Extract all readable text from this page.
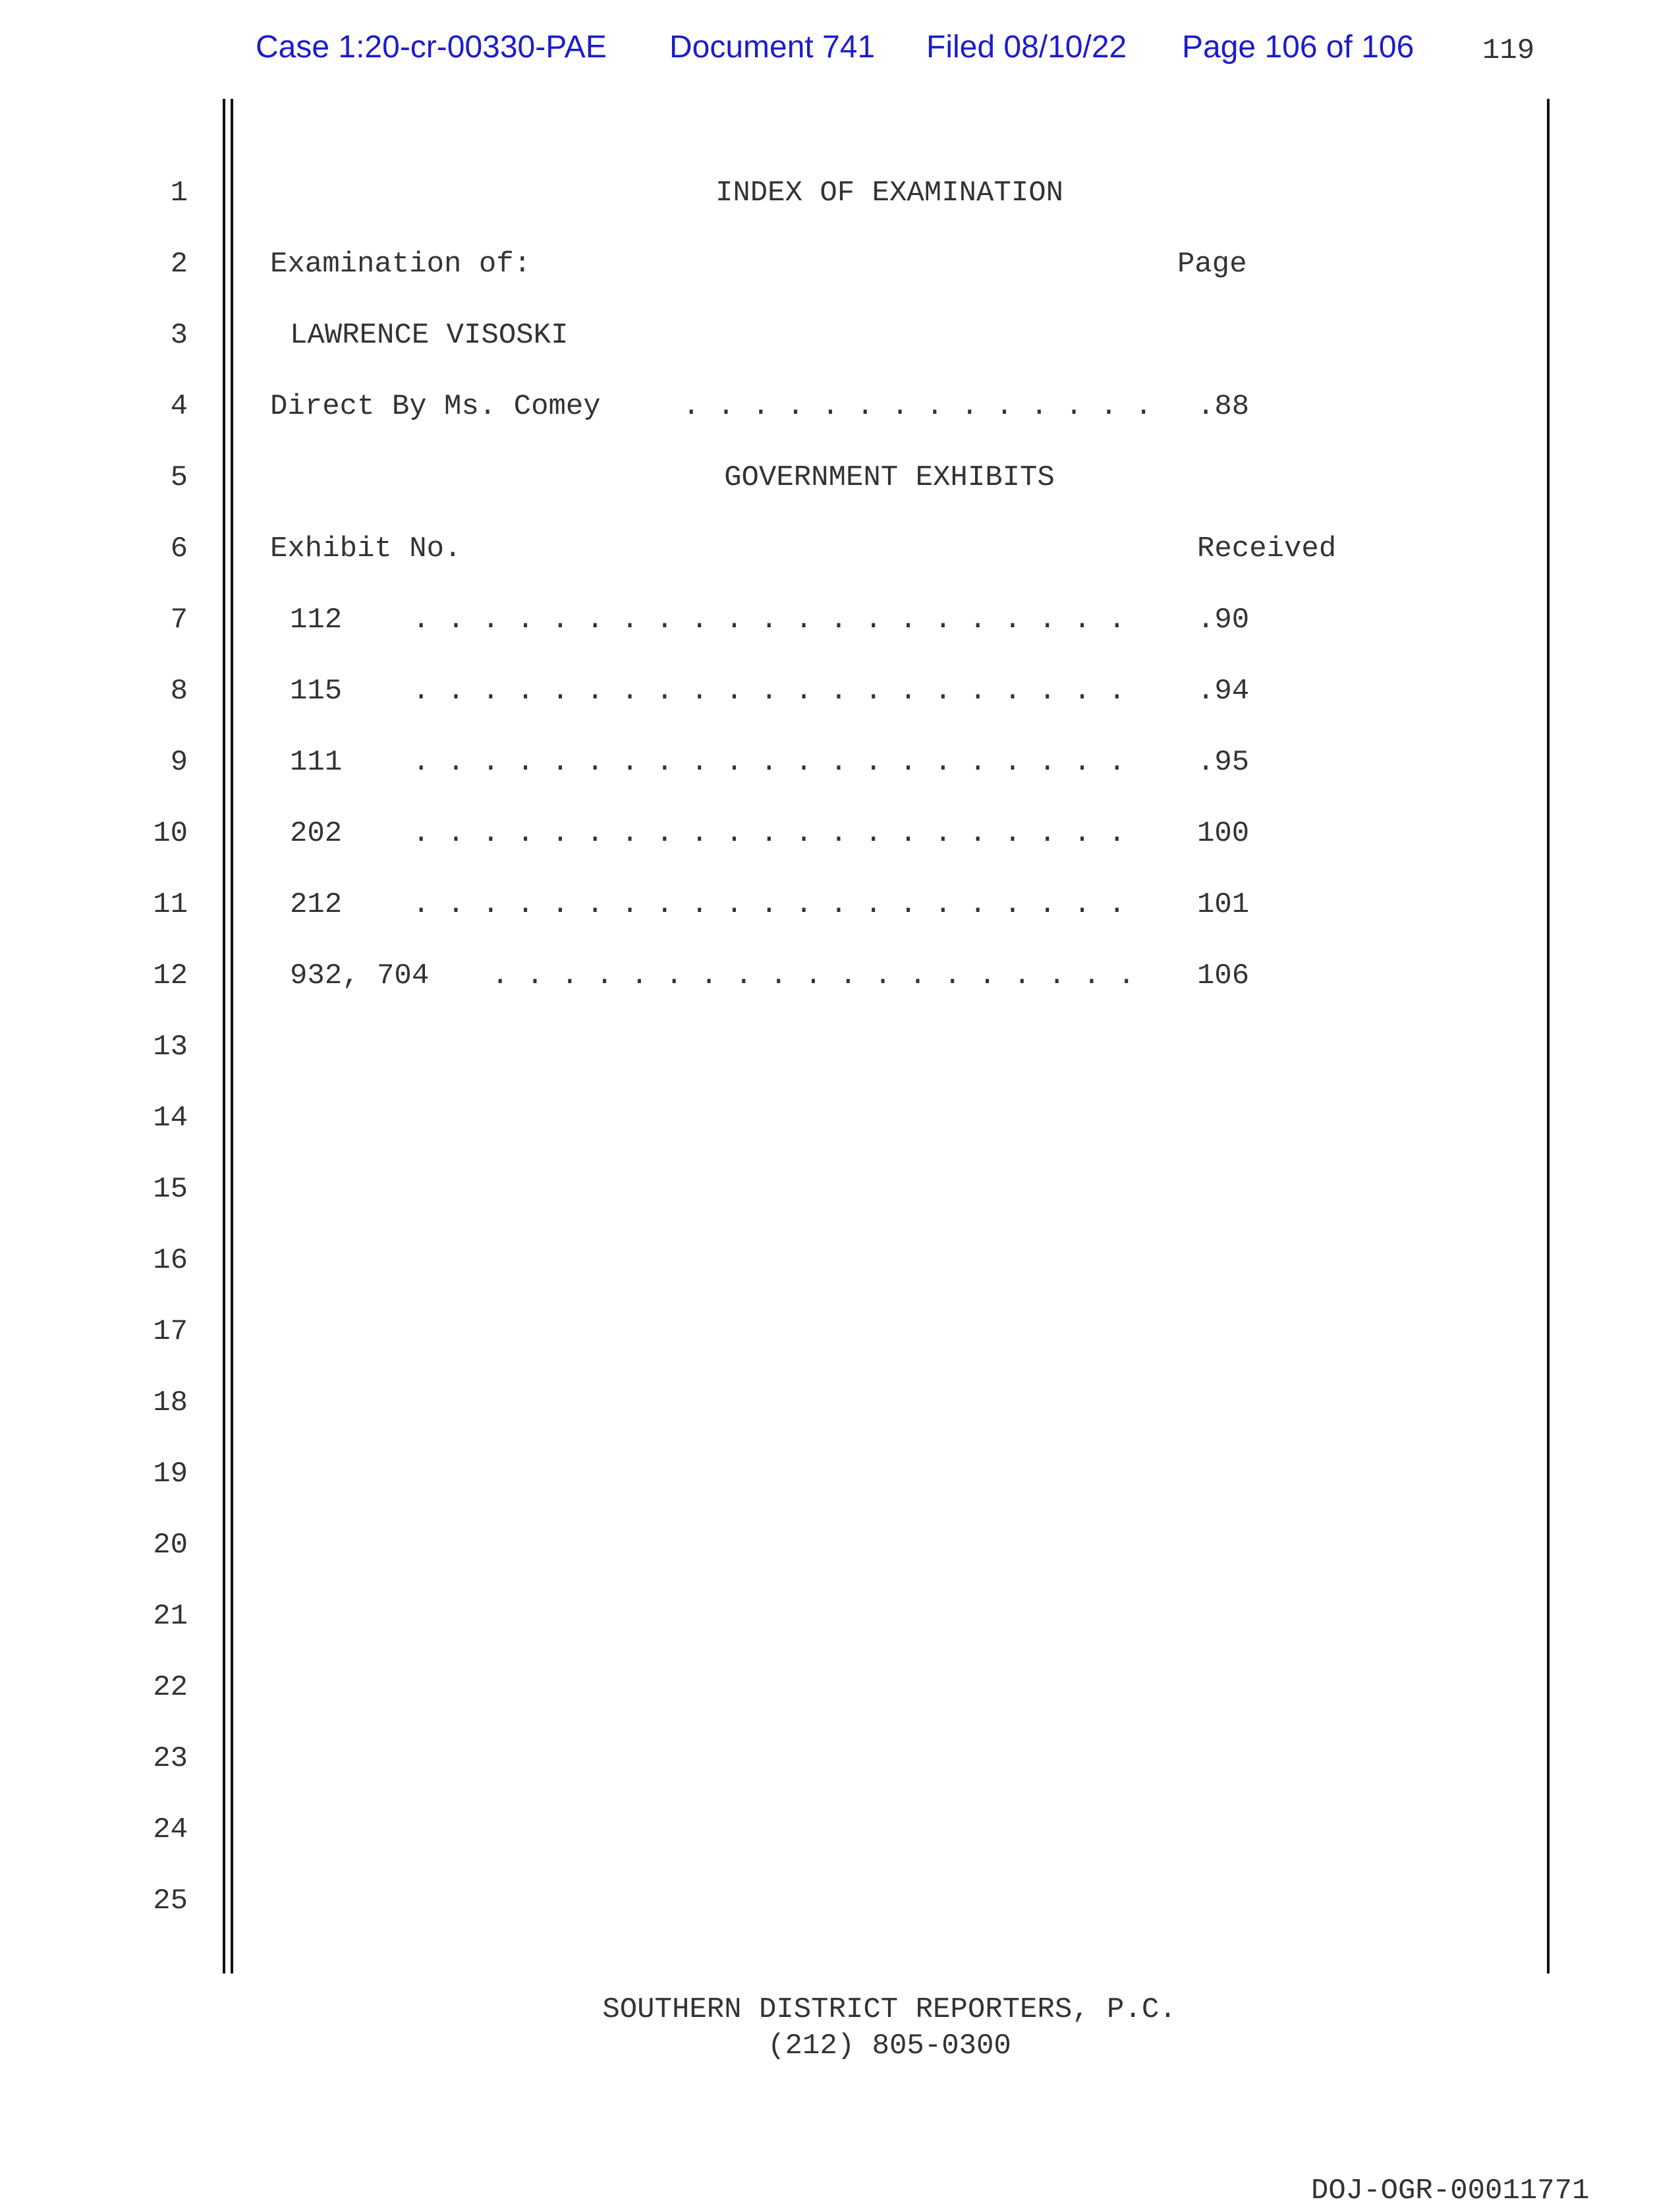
Case 1:20-cr-00330-PAE Document 741 Filed 08/10/22 Page 106 of 106 119
1
2
3
4
5
6
7
8
9
10
11
12
13
14
15
16
17
18
19
20
21
22
23
24
25
INDEX OF EXAMINATION
Examination of:	Page
LAWRENCE VISOSKI
Direct By Ms. Comey	. . . . . . . . . . . . . . .88
GOVERNMENT EXHIBITS
Exhibit No.	Received
112 . . . . . . . . . . . . . . . . . . . . . .90
115 . . . . . . . . . . . . . . . . . . . . . .94
111 . . . . . . . . . . . . . . . . . . . . . .95
202 . . . . . . . . . . . . . . . . . . . . . 100
212 . . . . . . . . . . . . . . . . . . . . . 101
932, 704 . . . . . . . . . . . . . . . . . . . 106
SOUTHERN DISTRICT REPORTERS, P.C.
(212) 805-0300
DOJ-OGR-00011771
